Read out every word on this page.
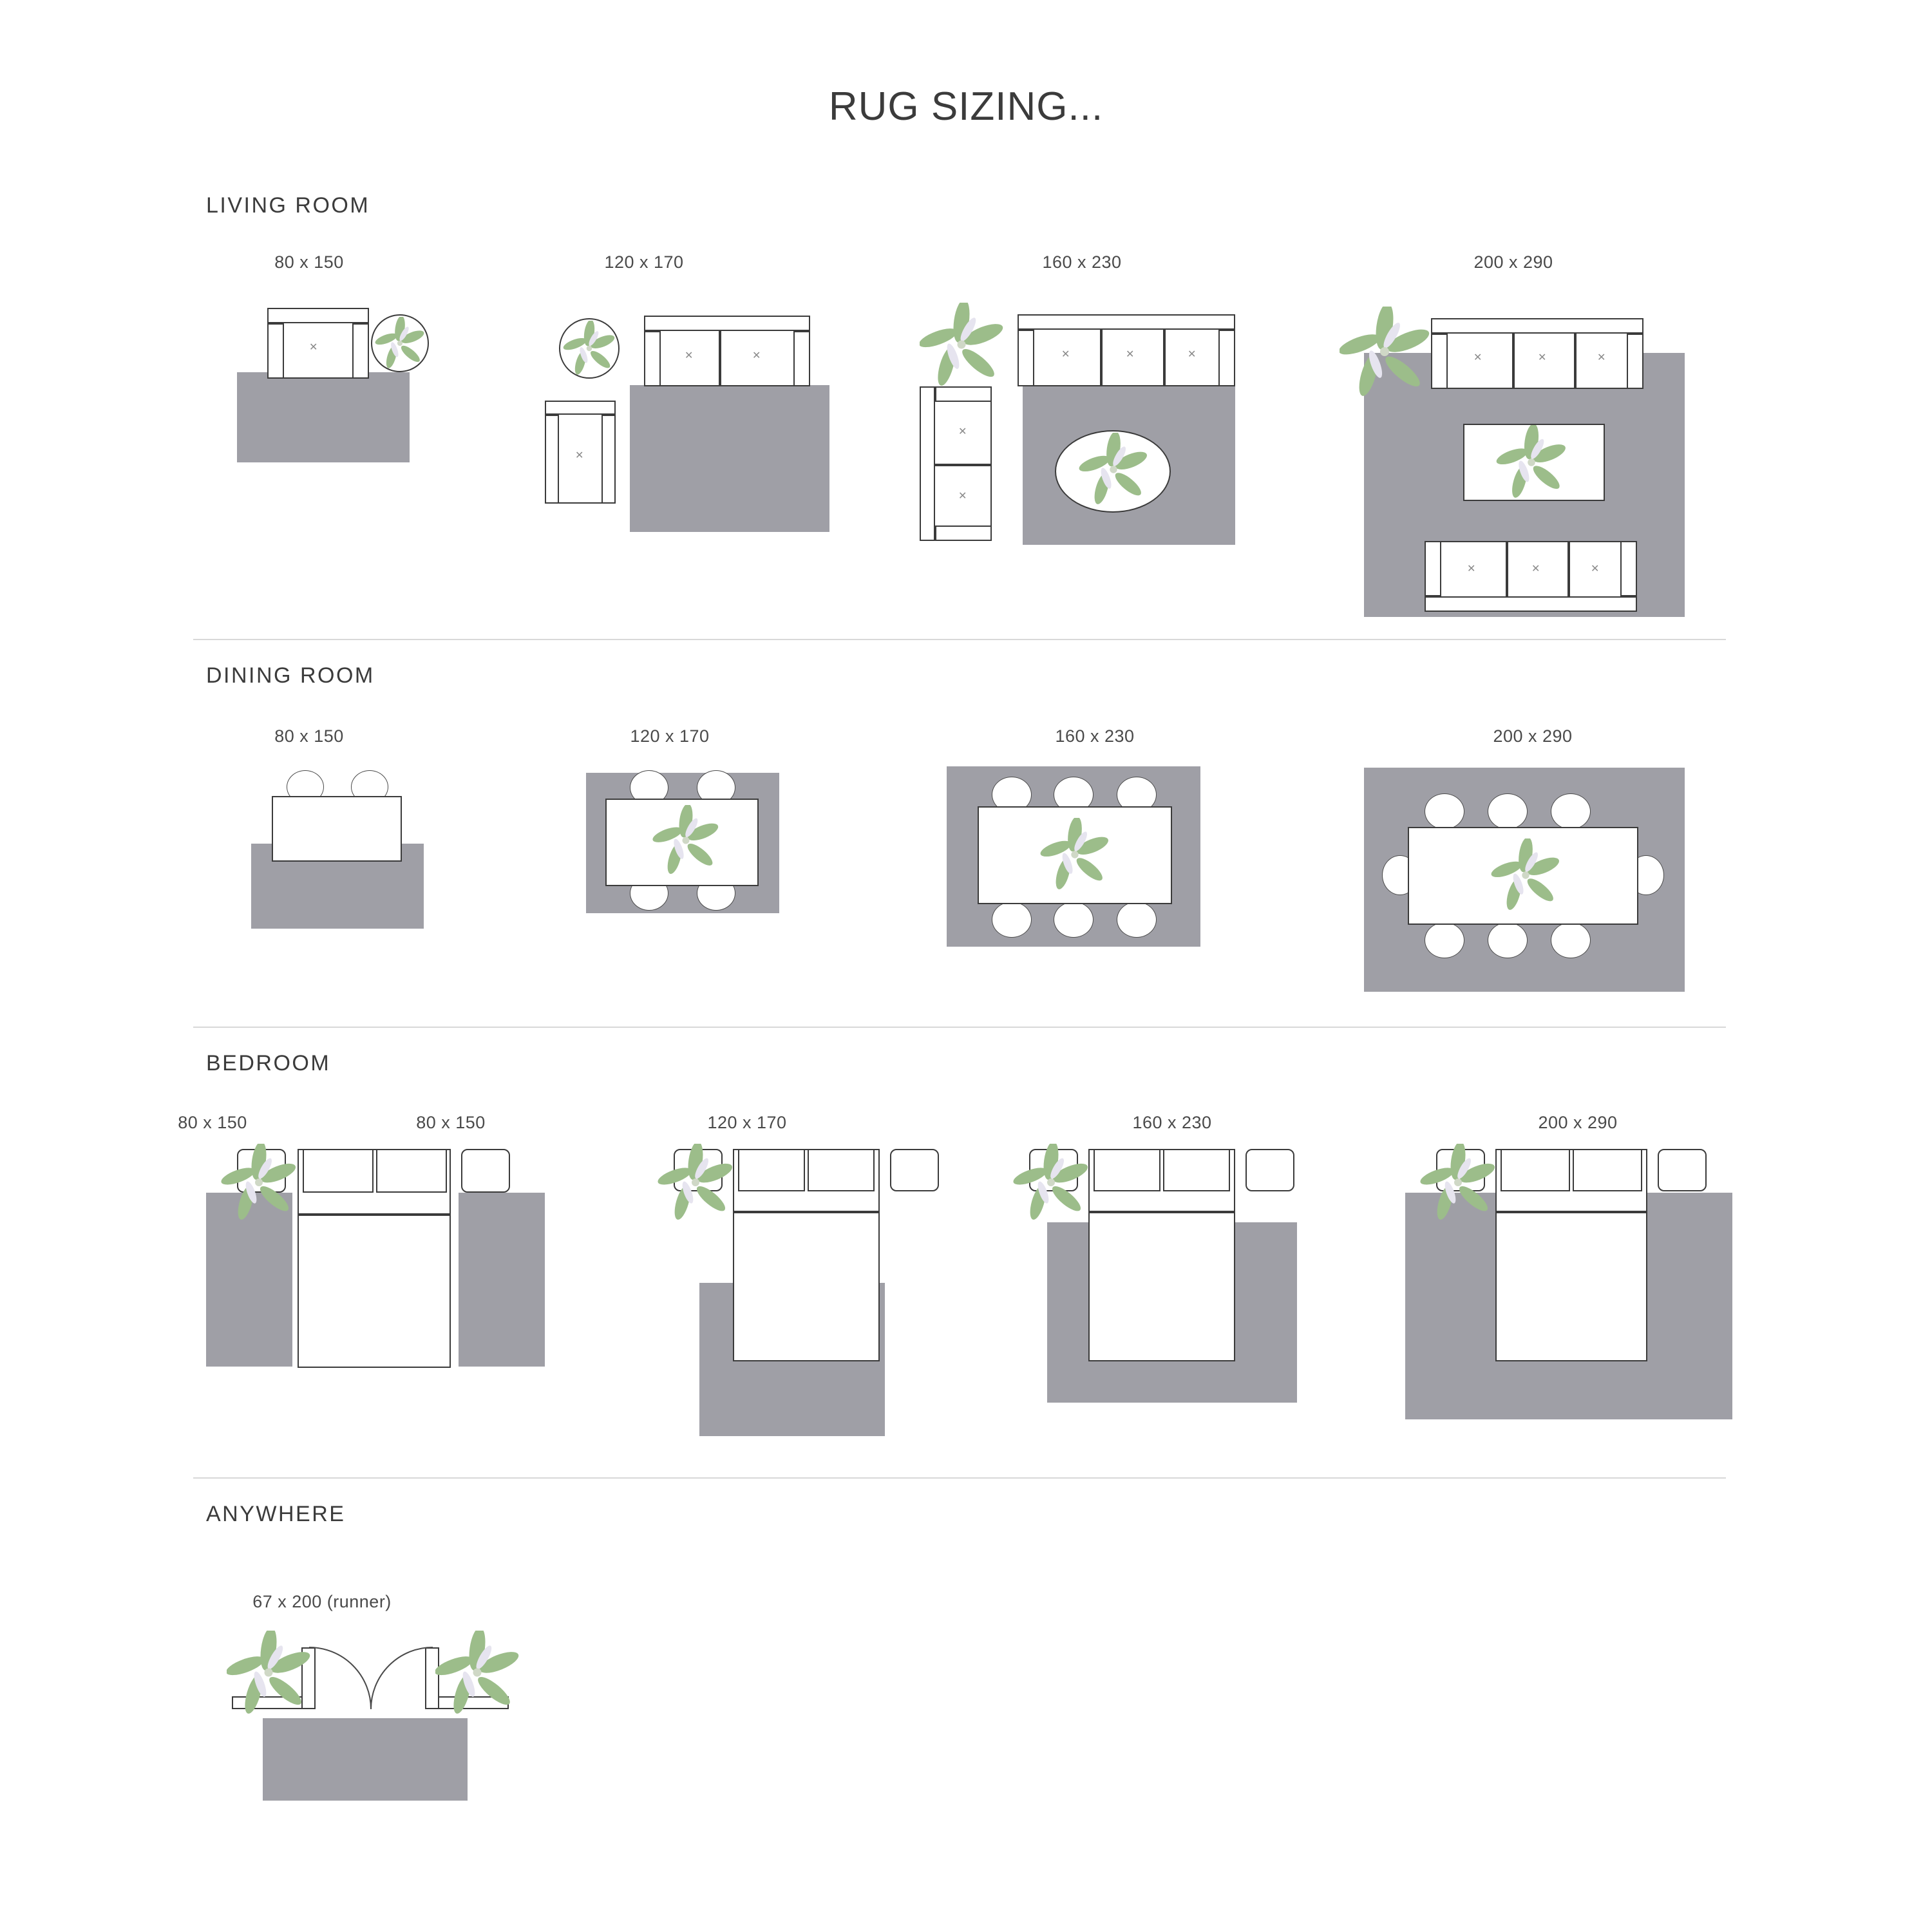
RUG SIZING...
LIVING ROOM
80 x 150	120 x 170	160 x 230	200 x 290
✕
✕	✕
✕
✕	✕	✕
✕
✕
✕	✕	✕
✕	✕	✕
DINING ROOM
80 x 150	120 x 170	160 x 230	200 x 290
BEDROOM
80 x 150	80 x 150	120 x 170	160 x 230	200 x 290
ANYWHERE
67 x 200 (runner)
